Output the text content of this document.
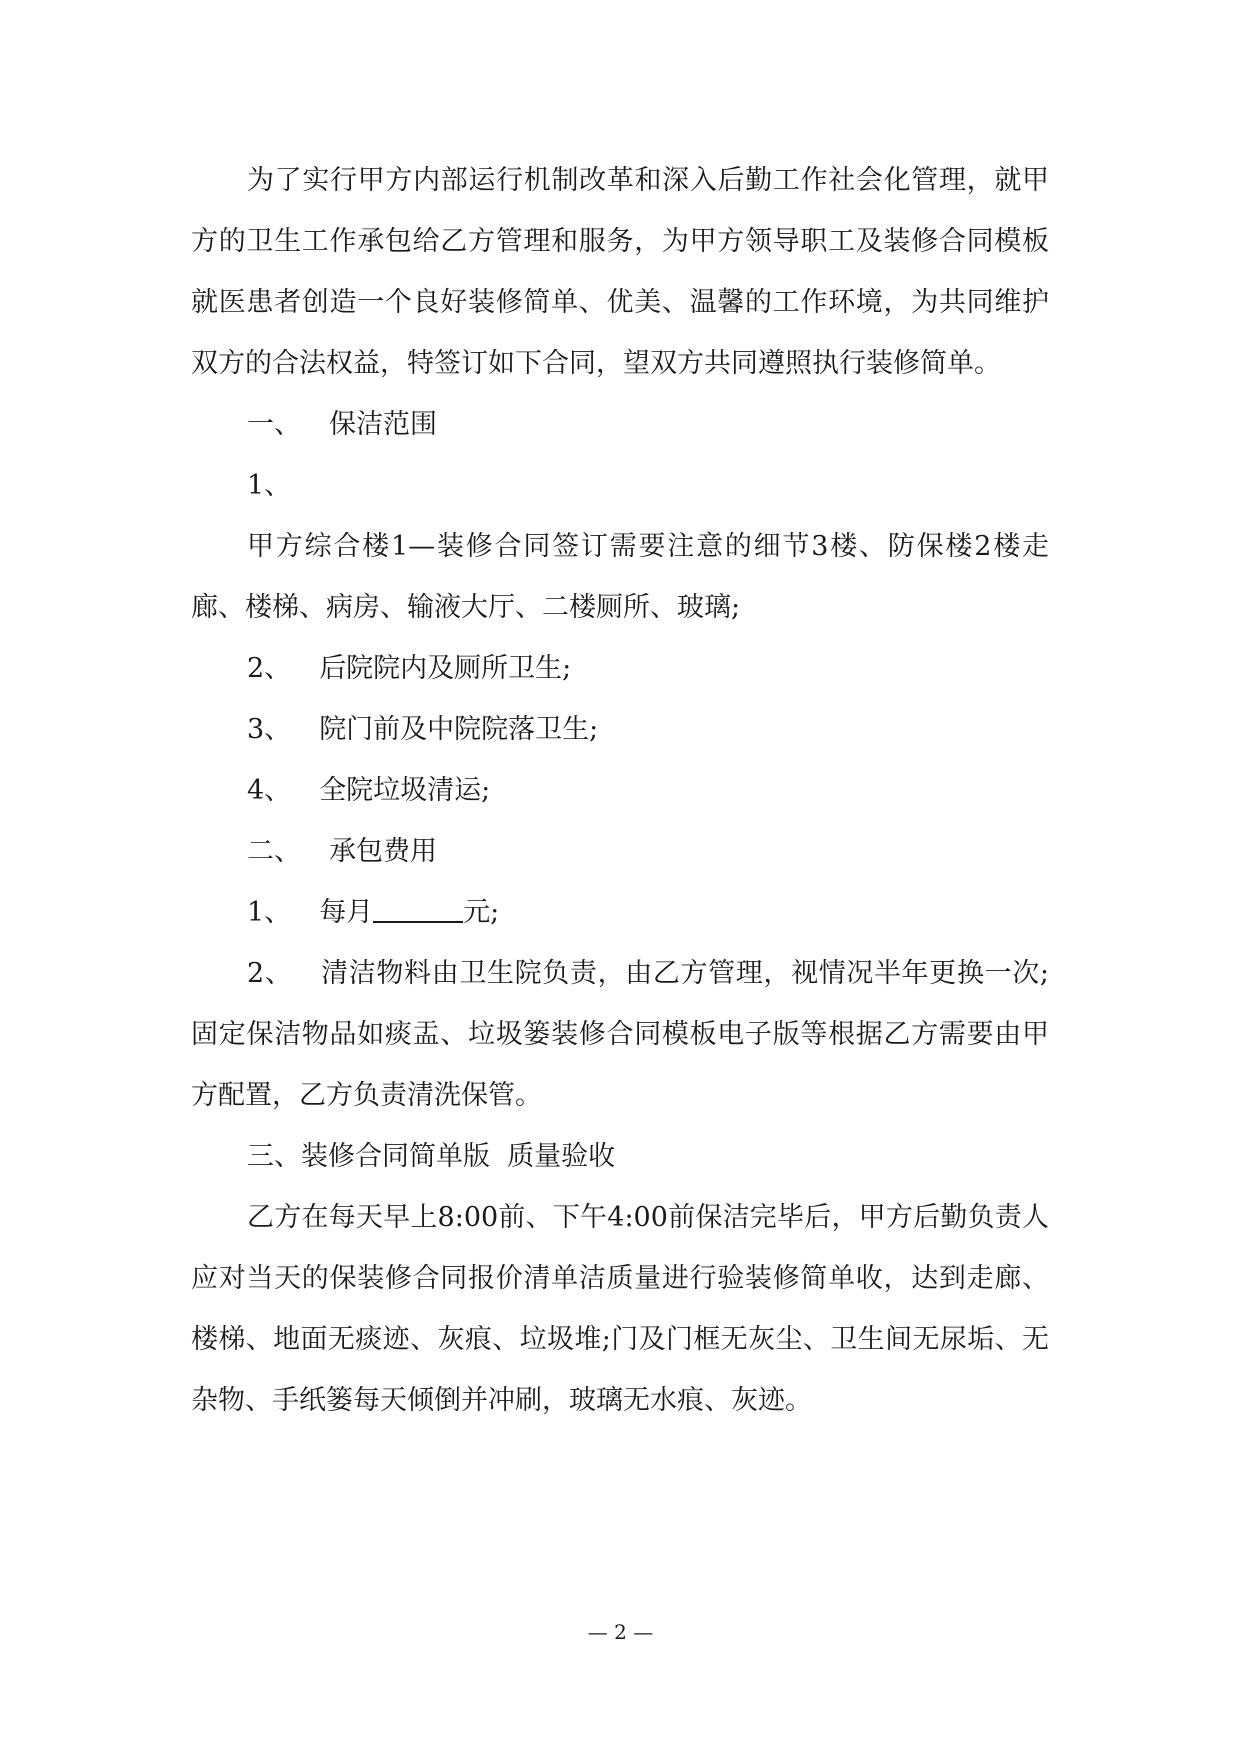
为了实行甲方内部运行机制改革和深入后勤工作社会化管理，就甲方的卫生工作承包给乙方管理和服务，为甲方领导职工及装修合同模板就医患者创造一个良好装修简单、优美、温馨的工作环境，为共同维护双方的合法权益，特签订如下合同，望双方共同遵照执行装修简单。

一、 保洁范围

1、

甲方综合楼1—装修合同签订需要注意的细节3楼、防保楼2楼走廊、楼梯、病房、输液大厅、二楼厕所、玻璃;

2、 后院院内及厕所卫生;

3、 院门前及中院院落卫生;

4、 全院垃圾清运;

二、 承包费用

1、 每月	元;

2、 清洁物料由卫生院负责，由乙方管理，视情况半年更换一次;固定保洁物品如痰盂、垃圾篓装修合同模板电子版等根据乙方需要由甲方配置，乙方负责清洗保管。

三、装修合同简单版  质量验收

乙方在每天早上8:00前、下午4:00前保洁完毕后，甲方后勤负责人应对当天的保装修合同报价清单洁质量进行验装修简单收，达到走廊、楼梯、地面无痰迹、灰痕、垃圾堆;门及门框无灰尘、卫生间无尿垢、无杂物、手纸篓每天倾倒并冲刷，玻璃无水痕、灰迹。

— 2 —
